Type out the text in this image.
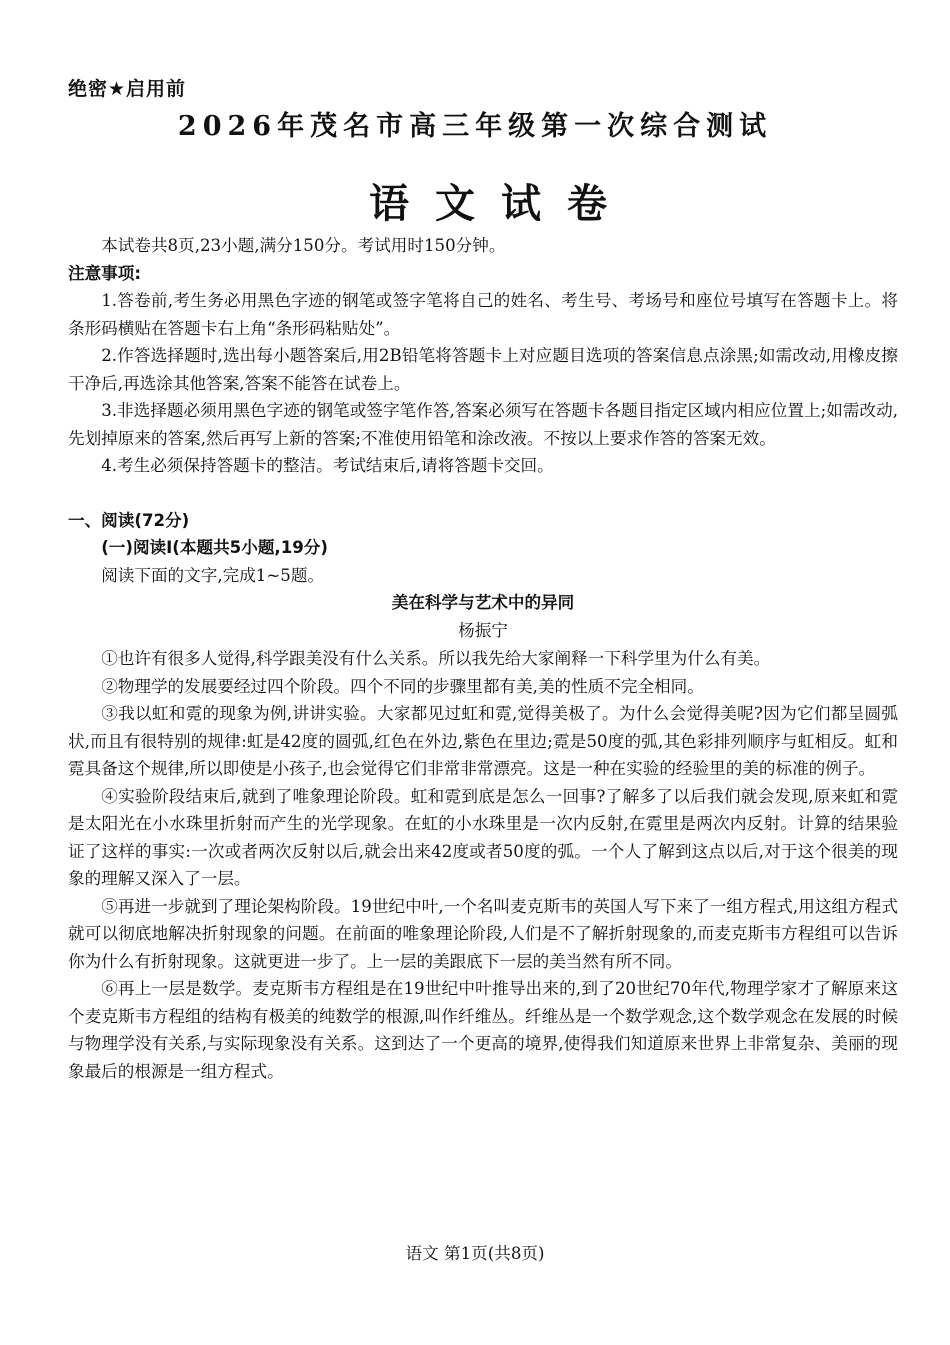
绝密★启用前
2026年茂名市高三年级第一次综合测试
语文试卷

本试卷共8页,23小题,满分150分。考试用时150分钟。

注意事项:

1.答卷前,考生务必用黑色字迹的钢笔或签字笔将自己的姓名、考生号、考场号和座位号填写在答题卡上。将条形码横贴在答题卡右上角“条形码粘贴处”。

2.作答选择题时,选出每小题答案后,用2B铅笔将答题卡上对应题目选项的答案信息点涂黑;如需改动,用橡皮擦干净后,再选涂其他答案,答案不能答在试卷上。

3.非选择题必须用黑色字迹的钢笔或签字笔作答,答案必须写在答题卡各题目指定区域内相应位置上;如需改动,先划掉原来的答案,然后再写上新的答案;不准使用铅笔和涂改液。不按以上要求作答的答案无效。

4.考生必须保持答题卡的整洁。考试结束后,请将答题卡交回。

一、阅读(72分)
(一)阅读Ⅰ(本题共5小题,19分)
阅读下面的文字,完成1~5题。
美在科学与艺术中的异同
杨振宁

①也许有很多人觉得,科学跟美没有什么关系。所以我先给大家阐释一下科学里为什么有美。

②物理学的发展要经过四个阶段。四个不同的步骤里都有美,美的性质不完全相同。

③我以虹和霓的现象为例,讲讲实验。大家都见过虹和霓,觉得美极了。为什么会觉得美呢?因为它们都呈圆弧状,而且有很特别的规律:虹是42度的圆弧,红色在外边,紫色在里边;霓是50度的弧,其色彩排列顺序与虹相反。虹和霓具备这个规律,所以即使是小孩子,也会觉得它们非常非常漂亮。这是一种在实验的经验里的美的标准的例子。

④实验阶段结束后,就到了唯象理论阶段。虹和霓到底是怎么一回事?了解多了以后我们就会发现,原来虹和霓是太阳光在小水珠里折射而产生的光学现象。在虹的小水珠里是一次内反射,在霓里是两次内反射。计算的结果验证了这样的事实:一次或者两次反射以后,就会出来42度或者50度的弧。一个人了解到这点以后,对于这个很美的现象的理解又深入了一层。

⑤再进一步就到了理论架构阶段。19世纪中叶,一个名叫麦克斯韦的英国人写下来了一组方程式,用这组方程式就可以彻底地解决折射现象的问题。在前面的唯象理论阶段,人们是不了解折射现象的,而麦克斯韦方程组可以告诉你为什么有折射现象。这就更进一步了。上一层的美跟底下一层的美当然有所不同。

⑥再上一层是数学。麦克斯韦方程组是在19世纪中叶推导出来的,到了20世纪70年代,物理学家才了解原来这个麦克斯韦方程组的结构有极美的纯数学的根源,叫作纤维丛。纤维丛是一个数学观念,这个数学观念在发展的时候与物理学没有关系,与实际现象没有关系。这到达了一个更高的境界,使得我们知道原来世界上非常复杂、美丽的现象最后的根源是一组方程式。

语文 第1页(共8页)
